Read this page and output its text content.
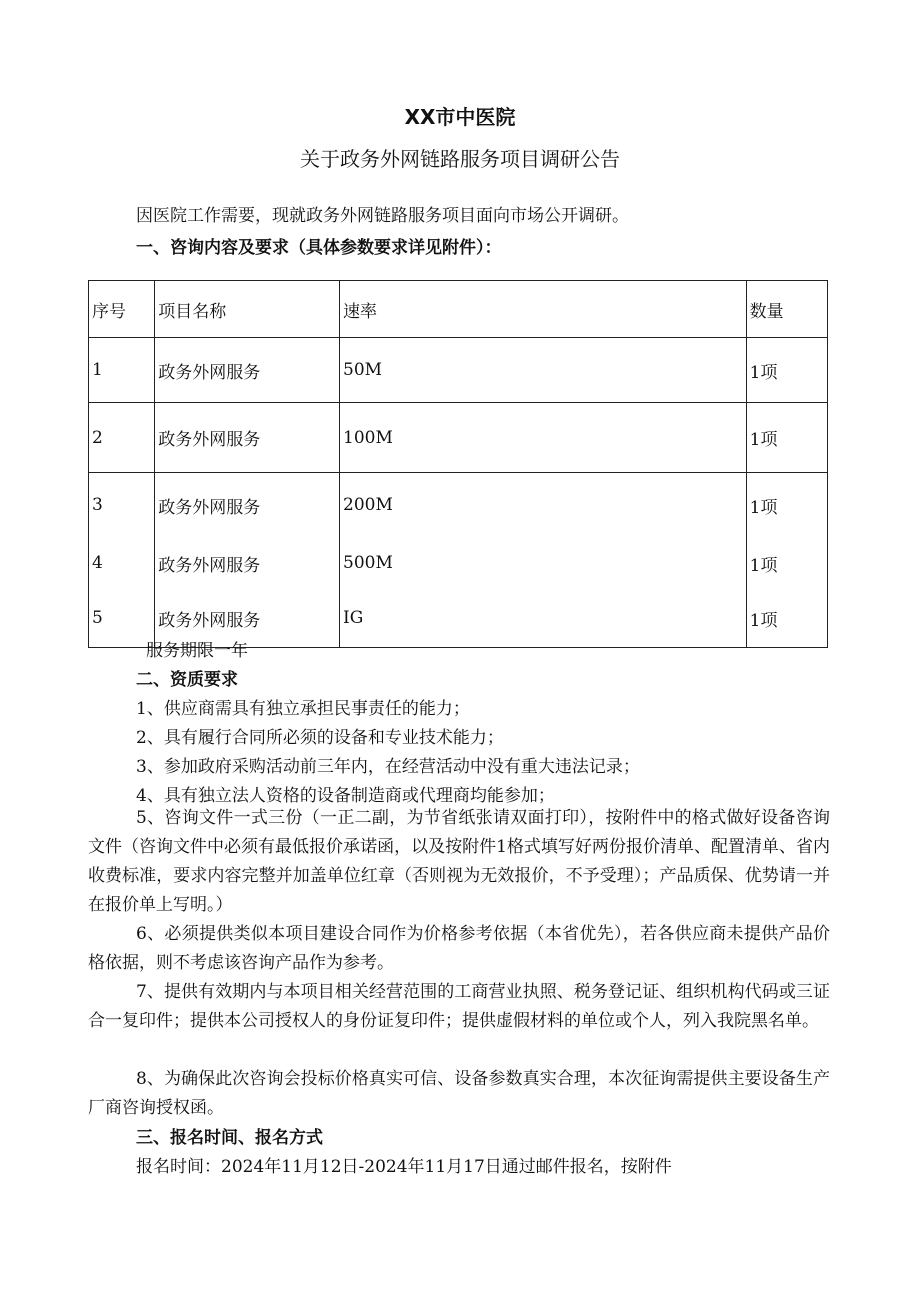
XX市中医院
关于政务外网链路服务项目调研公告
因医院工作需要，现就政务外网链路服务项目面向市场公开调研。
一、咨询内容及要求（具体参数要求详见附件）：
序号	项目名称	速率	数量
1	政务外网服务	50M	1项
2	政务外网服务	100M	1项
3	政务外网服务	200M	1项
4	政务外网服务	500M	1项
5	政务外网服务	IG	1项
服务期限一年
二、资质要求
1、供应商需具有独立承担民事责任的能力；
2、具有履行合同所必须的设备和专业技术能力；
3、参加政府采购活动前三年内，在经营活动中没有重大违法记录；
4、具有独立法人资格的设备制造商或代理商均能参加；
5、咨询文件一式三份（一正二副，为节省纸张请双面打印），按附件中的格式做好设备咨询文件（咨询文件中必须有最低报价承诺函，以及按附件1格式填写好两份报价清单、配置清单、省内收费标准，要求内容完整并加盖单位红章（否则视为无效报价，不予受理）；产品质保、优势请一并在报价单上写明。）
6、必须提供类似本项目建设合同作为价格参考依据（本省优先），若各供应商未提供产品价格依据，则不考虑该咨询产品作为参考。
7、提供有效期内与本项目相关经营范围的工商营业执照、税务登记证、组织机构代码或三证合一复印件；提供本公司授权人的身份证复印件；提供虚假材料的单位或个人，列入我院黑名单。
8、为确保此次咨询会投标价格真实可信、设备参数真实合理，本次征询需提供主要设备生产厂商咨询授权函。
三、报名时间、报名方式
报名时间：2024年11月12日-2024年11月17日通过邮件报名，按附件
